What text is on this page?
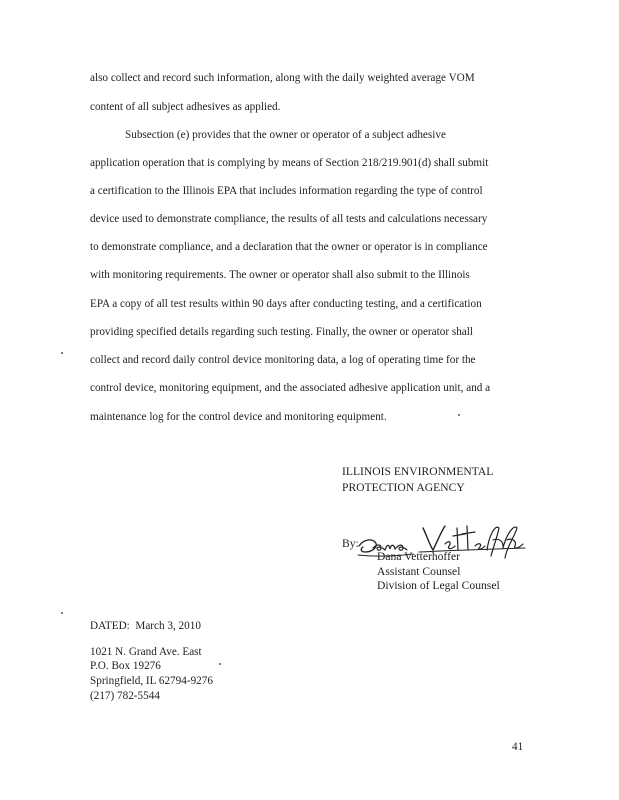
also collect and record such information, along with the daily weighted average VOM
content of all subject adhesives as applied.
Subsection (e) provides that the owner or operator of a subject adhesive
application operation that is complying by means of Section 218/219.901(d) shall submit
a certification to the Illinois EPA that includes information regarding the type of control
device used to demonstrate compliance, the results of all tests and calculations necessary
to demonstrate compliance, and a declaration that the owner or operator is in compliance
with monitoring requirements. The owner or operator shall also submit to the Illinois
EPA a copy of all test results within 90 days after conducting testing, and a certification
providing specified details regarding such testing. Finally, the owner or operator shall
collect and record daily control device monitoring data, a log of operating time for the
control device, monitoring equipment, and the associated adhesive application unit, and a
maintenance log for the control device and monitoring equipment.
ILLINOIS ENVIRONMENTAL
PROTECTION AGENCY
By:
Dana Vetterhoffer
Assistant Counsel
Division of Legal Counsel
DATED: March 3, 2010
1021 N. Grand Ave. East
P.O. Box 19276
Springfield, IL 62794-9276
(217) 782-5544
41
